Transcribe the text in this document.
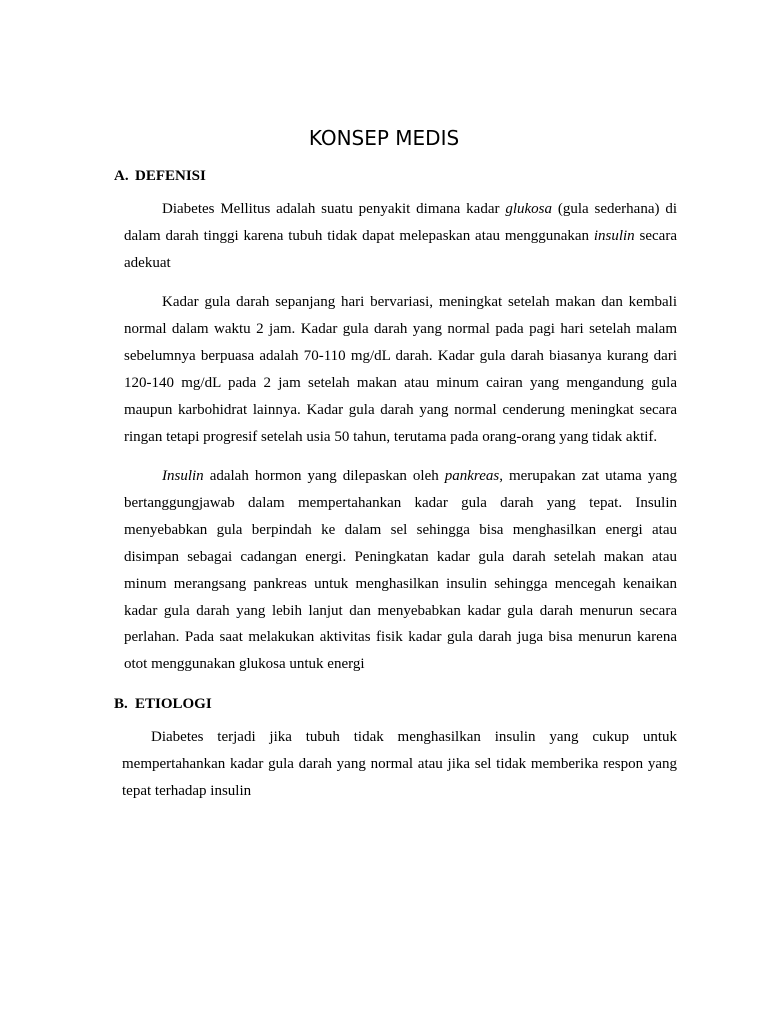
KONSEP MEDIS
A. DEFENISI

Diabetes Mellitus adalah suatu penyakit dimana kadar glukosa (gula sederhana) di dalam darah tinggi karena tubuh tidak dapat melepaskan atau menggunakan insulin secara adekuat

Kadar gula darah sepanjang hari bervariasi, meningkat setelah makan dan kembali normal dalam waktu 2 jam. Kadar gula darah yang normal pada pagi hari setelah malam sebelumnya berpuasa adalah 70-110 mg/dL darah. Kadar gula darah biasanya kurang dari 120-140 mg/dL pada 2 jam setelah makan atau minum cairan yang mengandung gula maupun karbohidrat lainnya. Kadar gula darah yang normal cenderung meningkat secara ringan tetapi progresif setelah usia 50 tahun, terutama pada orang-orang yang tidak aktif.

Insulin adalah hormon yang dilepaskan oleh pankreas, merupakan zat utama yang bertanggungjawab dalam mempertahankan kadar gula darah yang tepat. Insulin menyebabkan gula berpindah ke dalam sel sehingga bisa menghasilkan energi atau disimpan sebagai cadangan energi. Peningkatan kadar gula darah setelah makan atau minum merangsang pankreas untuk menghasilkan insulin sehingga mencegah kenaikan kadar gula darah yang lebih lanjut dan menyebabkan kadar gula darah menurun secara perlahan. Pada saat melakukan aktivitas fisik kadar gula darah juga bisa menurun karena otot menggunakan glukosa untuk energi

B. ETIOLOGI

Diabetes terjadi jika tubuh tidak menghasilkan insulin yang cukup untuk mempertahankan kadar gula darah yang normal atau jika sel tidak memberika respon yang tepat terhadap insulin
